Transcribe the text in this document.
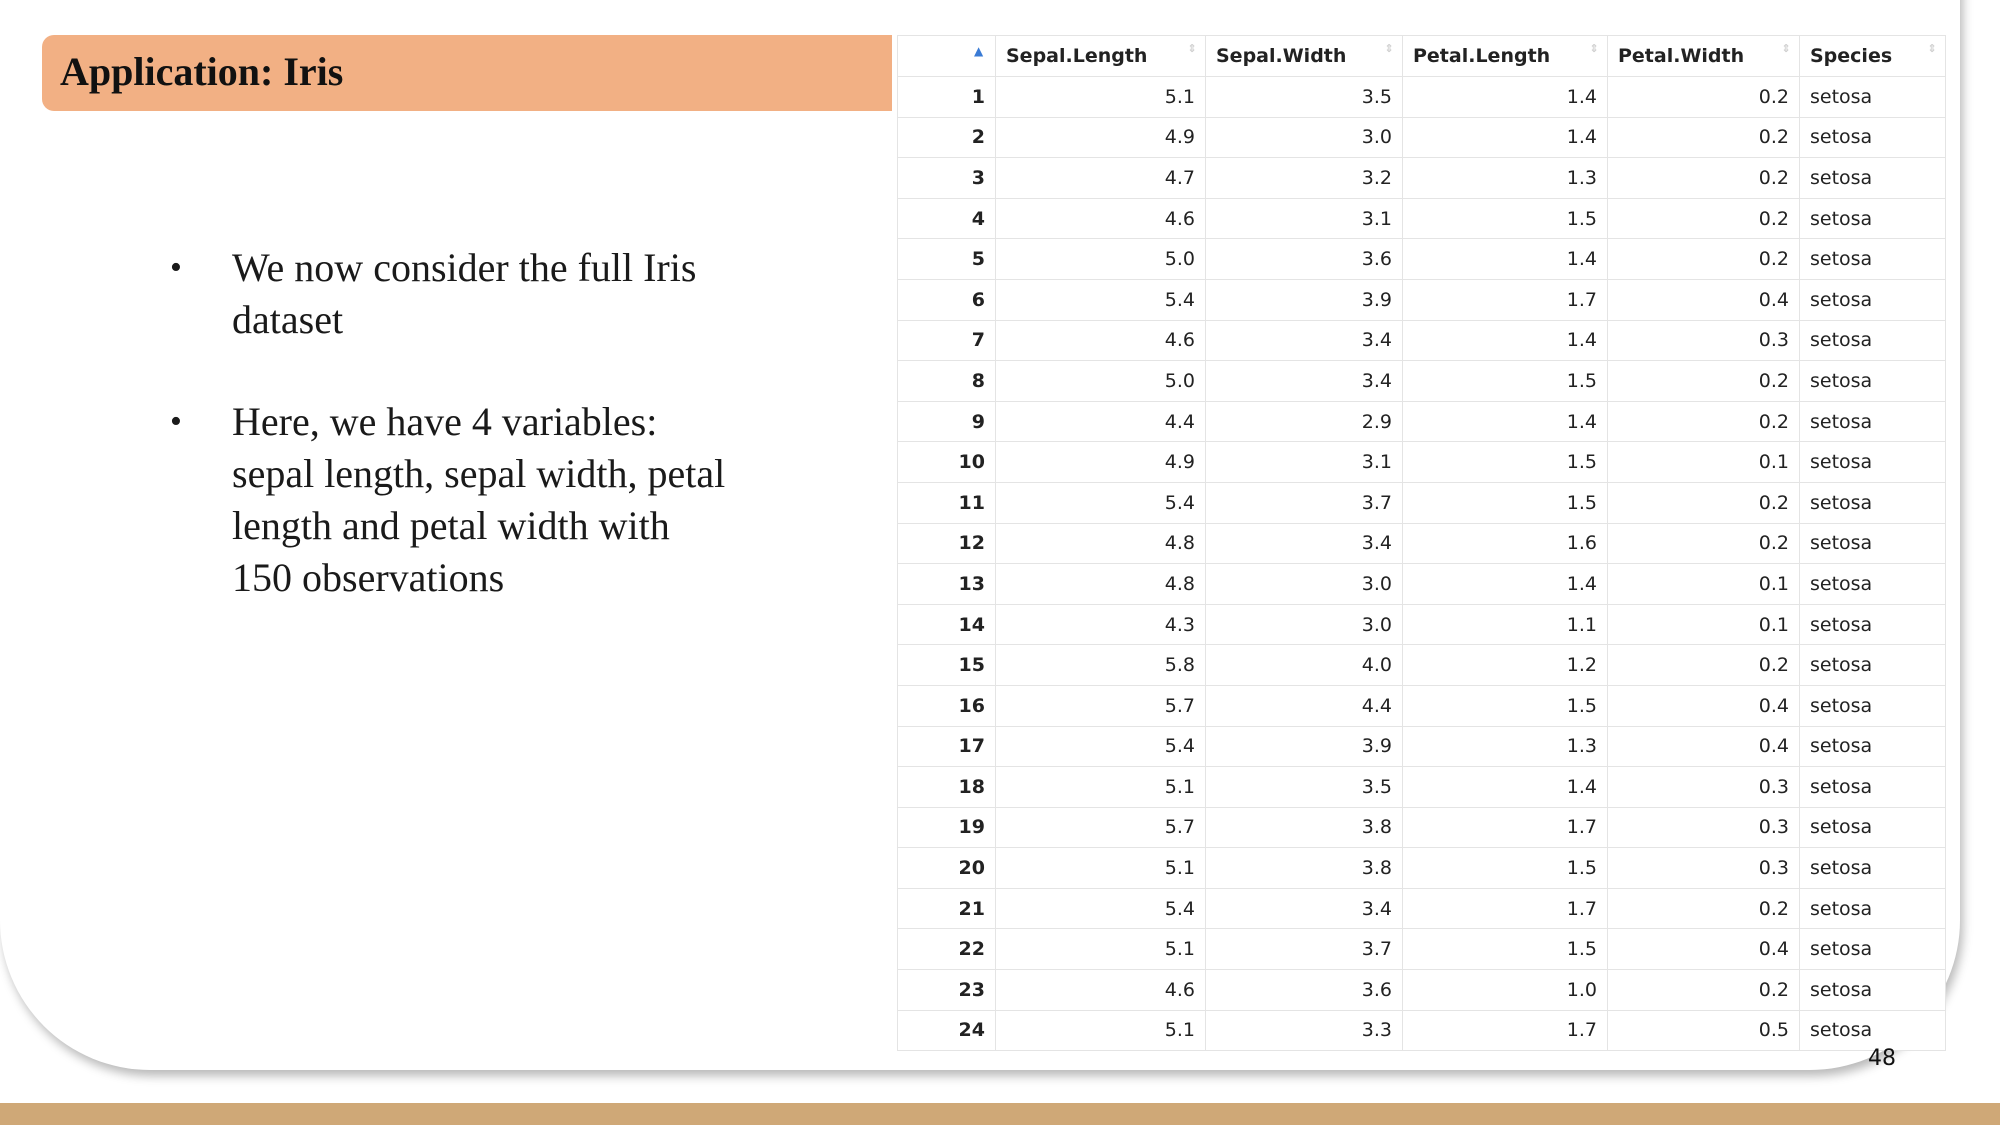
Application: Iris
• We now consider the full Iris dataset
• Here, we have 4 variables: sepal length, sepal width, petal length and petal width with 150 observations
▲	Sepal.Length ⇕	Sepal.Width ⇕	Petal.Length ⇕	Petal.Width ⇕	Species ⇕

1	5.1	3.5	1.4	0.2	setosa
2	4.9	3.0	1.4	0.2	setosa
3	4.7	3.2	1.3	0.2	setosa
4	4.6	3.1	1.5	0.2	setosa
5	5.0	3.6	1.4	0.2	setosa
6	5.4	3.9	1.7	0.4	setosa
7	4.6	3.4	1.4	0.3	setosa
8	5.0	3.4	1.5	0.2	setosa
9	4.4	2.9	1.4	0.2	setosa
10	4.9	3.1	1.5	0.1	setosa
11	5.4	3.7	1.5	0.2	setosa
12	4.8	3.4	1.6	0.2	setosa
13	4.8	3.0	1.4	0.1	setosa
14	4.3	3.0	1.1	0.1	setosa
15	5.8	4.0	1.2	0.2	setosa
16	5.7	4.4	1.5	0.4	setosa
17	5.4	3.9	1.3	0.4	setosa
18	5.1	3.5	1.4	0.3	setosa
19	5.7	3.8	1.7	0.3	setosa
20	5.1	3.8	1.5	0.3	setosa
21	5.4	3.4	1.7	0.2	setosa
22	5.1	3.7	1.5	0.4	setosa
23	4.6	3.6	1.0	0.2	setosa
24	5.1	3.3	1.7	0.5	setosa
48
